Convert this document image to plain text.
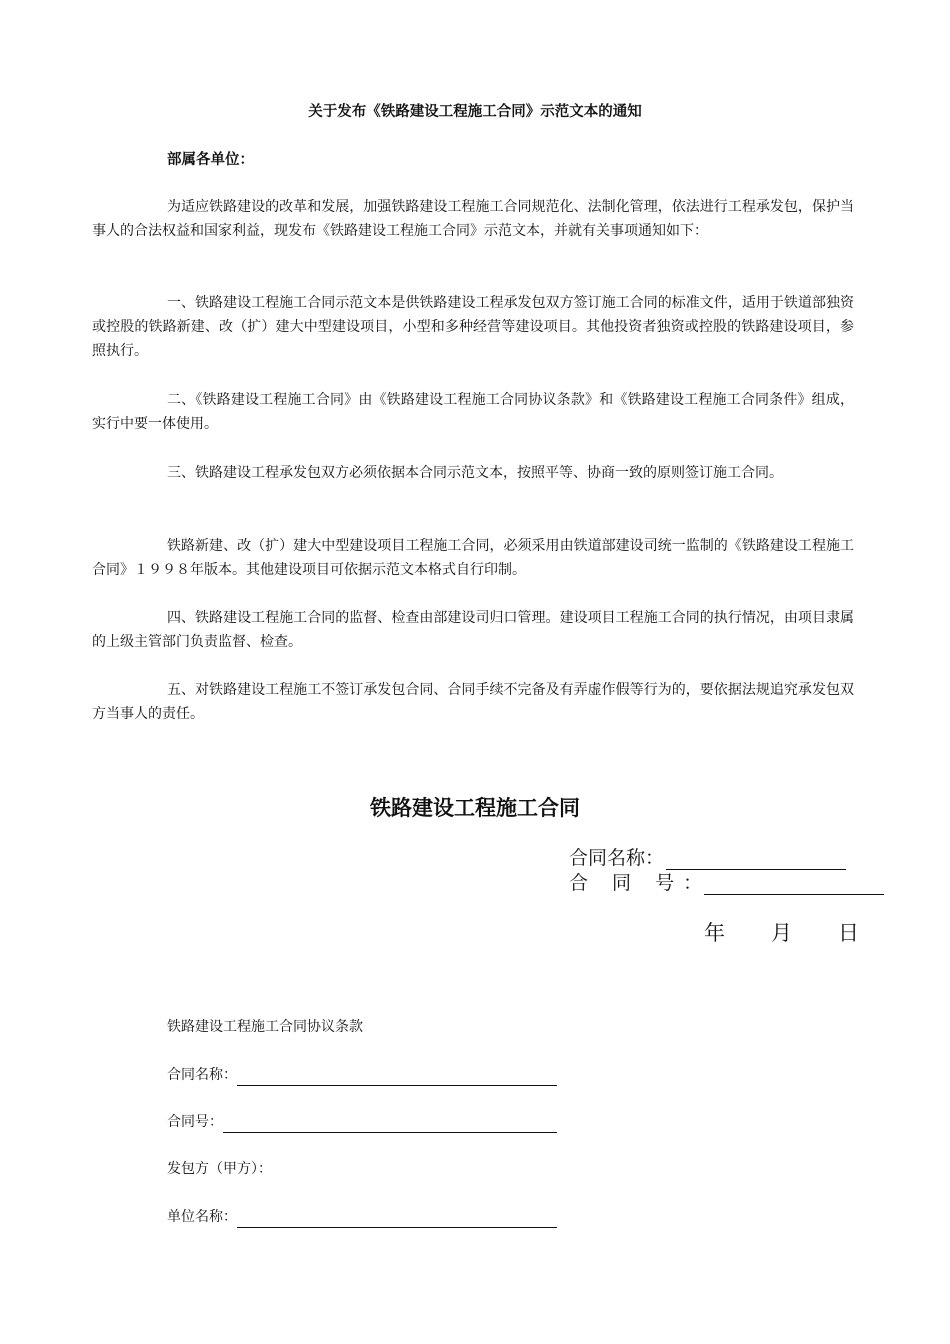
关于发布《铁路建设工程施工合同》示范文本的通知

部属各单位：

为适应铁路建设的改革和发展，加强铁路建设工程施工合同规范化、法制化管理，依法进行工程承发包，保护当事人的合法权益和国家利益，现发布《铁路建设工程施工合同》示范文本，并就有关事项通知如下：

一、铁路建设工程施工合同示范文本是供铁路建设工程承发包双方签订施工合同的标准文件，适用于铁道部独资或控股的铁路新建、改（扩）建大中型建设项目，小型和多种经营等建设项目。其他投资者独资或控股的铁路建设项目，参照执行。

二、《铁路建设工程施工合同》由《铁路建设工程施工合同协议条款》和《铁路建设工程施工合同条件》组成，实行中要一体使用。

三、铁路建设工程承发包双方必须依据本合同示范文本，按照平等、协商一致的原则签订施工合同。

铁路新建、改（扩）建大中型建设项目工程施工合同，必须采用由铁道部建设司统一监制的《铁路建设工程施工合同》１９９８年版本。其他建设项目可依据示范文本格式自行印制。

四、铁路建设工程施工合同的监督、检查由部建设司归口管理。建设项目工程施工合同的执行情况，由项目隶属的上级主管部门负责监督、检查。

五、对铁路建设工程施工不签订承发包合同、合同手续不完备及有弄虚作假等行为的，要依据法规追究承发包双方当事人的责任。

铁路建设工程施工合同
合同名称：
合 同 号：
年 月 日

铁路建设工程施工合同协议条款

合同名称：
合同号：
发包方（甲方）：
单位名称：
